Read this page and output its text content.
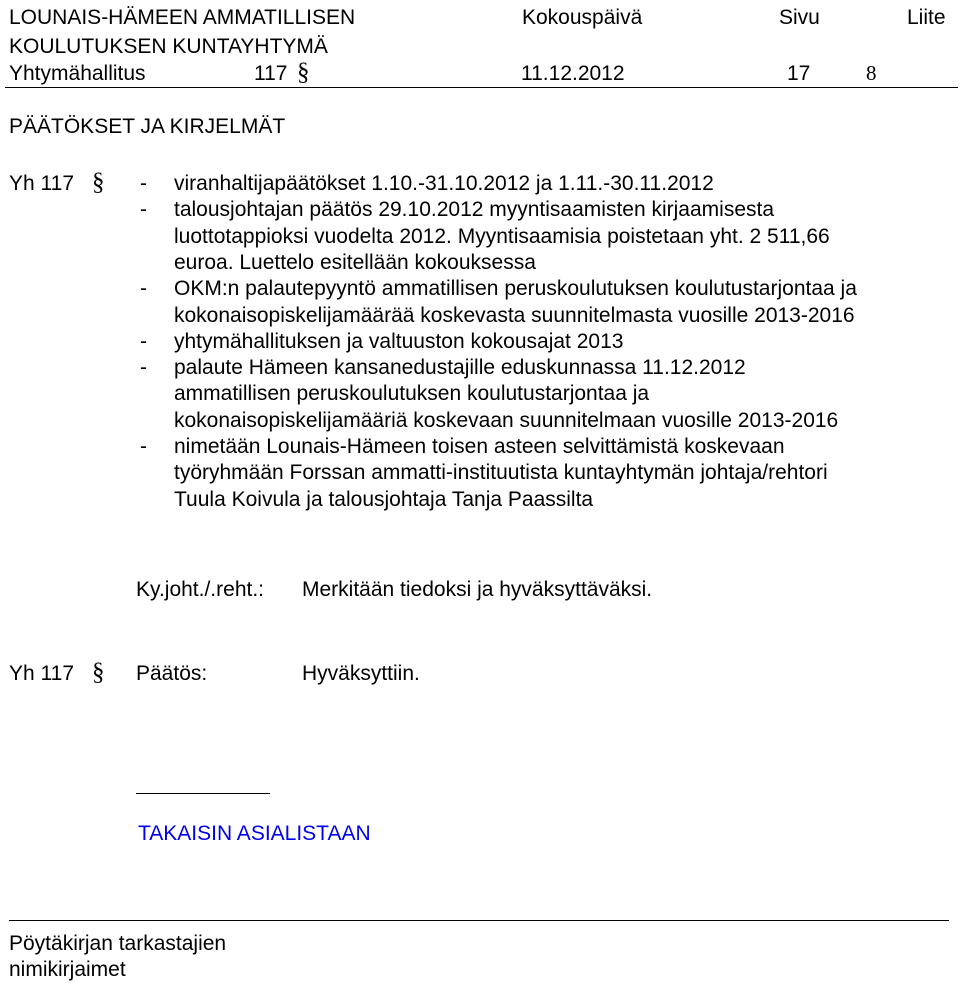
LOUNAIS-HÄMEEN AMMATILLISEN	Kokouspäivä	Sivu	Liite
KOULUTUKSEN KUNTAYHTYMÄ
Yhtymähallitus	117 §	11.12.2012	17	8
PÄÄTÖKSET JA KIRJELMÄT
Yh 117 § - viranhaltijapäätökset 1.10.-31.10.2012 ja 1.11.-30.11.2012
- talousjohtajan päätös 29.10.2012 myyntisaamisten kirjaamisesta
luottotappioksi vuodelta 2012. Myyntisaamisia poistetaan yht. 2 511,66
euroa. Luettelo esitellään kokouksessa
- OKM:n palautepyyntö ammatillisen peruskoulutuksen koulutustarjontaa ja
kokonaisopiskelijamäärää koskevasta suunnitelmasta vuosille 2013-2016
- yhtymähallituksen ja valtuuston kokousajat 2013
- palaute Hämeen kansanedustajille eduskunnassa 11.12.2012
ammatillisen peruskoulutuksen koulutustarjontaa ja
kokonaisopiskelijamääriä koskevaan suunnitelmaan vuosille 2013-2016
- nimetään Lounais-Hämeen toisen asteen selvittämistä koskevaan
työryhmään Forssan ammatti-instituutista kuntayhtymän johtaja/rehtori
Tuula Koivula ja talousjohtaja Tanja Paassilta
Ky.joht./.reht.: Merkitään tiedoksi ja hyväksyttäväksi.
Yh 117 § Päätös:	Hyväksyttiin.
TAKAISIN ASIALISTAAN
Pöytäkirjan tarkastajien
nimikirjaimet
